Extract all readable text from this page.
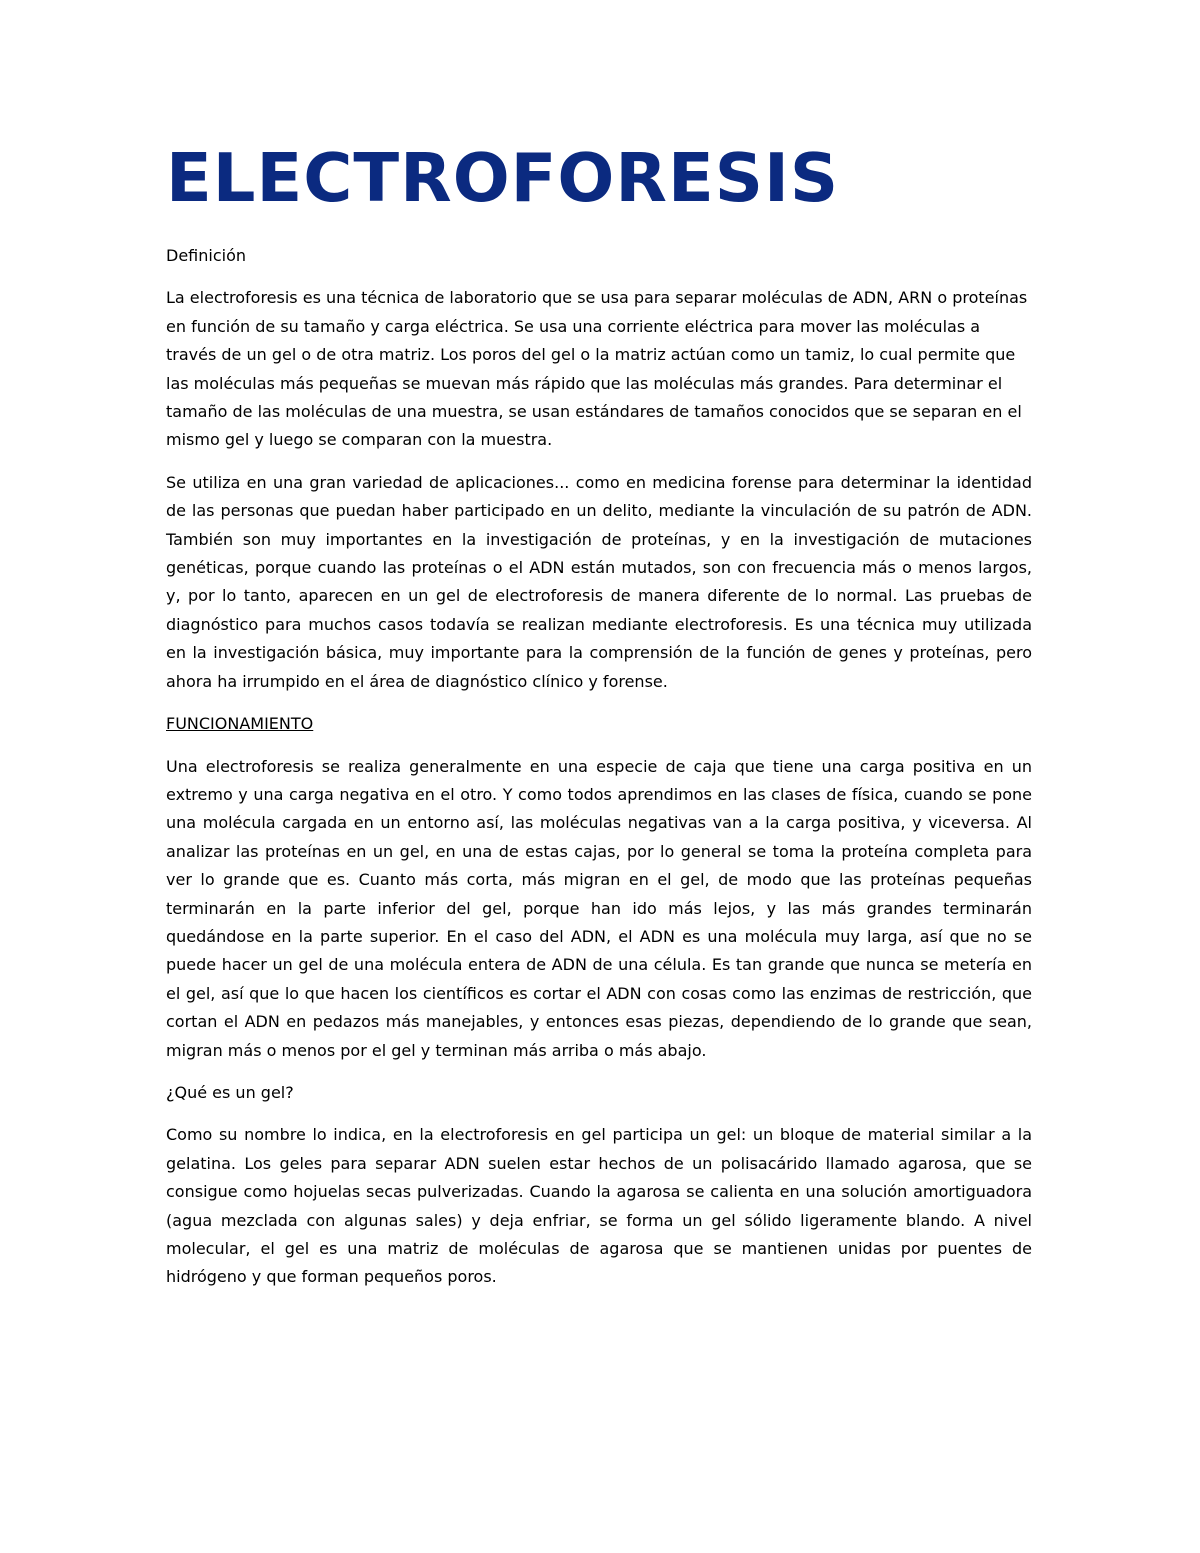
ELECTROFORESIS

Definición

La electroforesis es una técnica de laboratorio que se usa para separar moléculas de ADN, ARN o proteínas en función de su tamaño y carga eléctrica. Se usa una corriente eléctrica para mover las moléculas a través de un gel o de otra matriz. Los poros del gel o la matriz actúan como un tamiz, lo cual permite que las moléculas más pequeñas se muevan más rápido que las moléculas más grandes. Para determinar el tamaño de las moléculas de una muestra, se usan estándares de tamaños conocidos que se separan en el mismo gel y luego se comparan con la muestra.

Se utiliza en una gran variedad de aplicaciones... como en medicina forense para determinar la identidad de las personas que puedan haber participado en un delito, mediante la vinculación de su patrón de ADN. También son muy importantes en la investigación de proteínas, y en la investigación de mutaciones genéticas, porque cuando las proteínas o el ADN están mutados, son con frecuencia más o menos largos, y, por lo tanto, aparecen en un gel de electroforesis de manera diferente de lo normal. Las pruebas de diagnóstico para muchos casos todavía se realizan mediante electroforesis. Es una técnica muy utilizada en la investigación básica, muy importante para la comprensión de la función de genes y proteínas, pero ahora ha irrumpido en el área de diagnóstico clínico y forense.

FUNCIONAMIENTO

Una electroforesis se realiza generalmente en una especie de caja que tiene una carga positiva en un extremo y una carga negativa en el otro. Y como todos aprendimos en las clases de física, cuando se pone una molécula cargada en un entorno así, las moléculas negativas van a la carga positiva, y viceversa. Al analizar las proteínas en un gel, en una de estas cajas, por lo general se toma la proteína completa para ver lo grande que es. Cuanto más corta, más migran en el gel, de modo que las proteínas pequeñas terminarán en la parte inferior del gel, porque han ido más lejos, y las más grandes terminarán quedándose en la parte superior. En el caso del ADN, el ADN es una molécula muy larga, así que no se puede hacer un gel de una molécula entera de ADN de una célula. Es tan grande que nunca se metería en el gel, así que lo que hacen los científicos es cortar el ADN con cosas como las enzimas de restricción, que cortan el ADN en pedazos más manejables, y entonces esas piezas, dependiendo de lo grande que sean, migran más o menos por el gel y terminan más arriba o más abajo.

¿Qué es un gel?

Como su nombre lo indica, en la electroforesis en gel participa un gel: un bloque de material similar a la gelatina. Los geles para separar ADN suelen estar hechos de un polisacárido llamado agarosa, que se consigue como hojuelas secas pulverizadas. Cuando la agarosa se calienta en una solución amortiguadora (agua mezclada con algunas sales) y deja enfriar, se forma un gel sólido ligeramente blando. A nivel molecular, el gel es una matriz de moléculas de agarosa que se mantienen unidas por puentes de hidrógeno y que forman pequeños poros.
